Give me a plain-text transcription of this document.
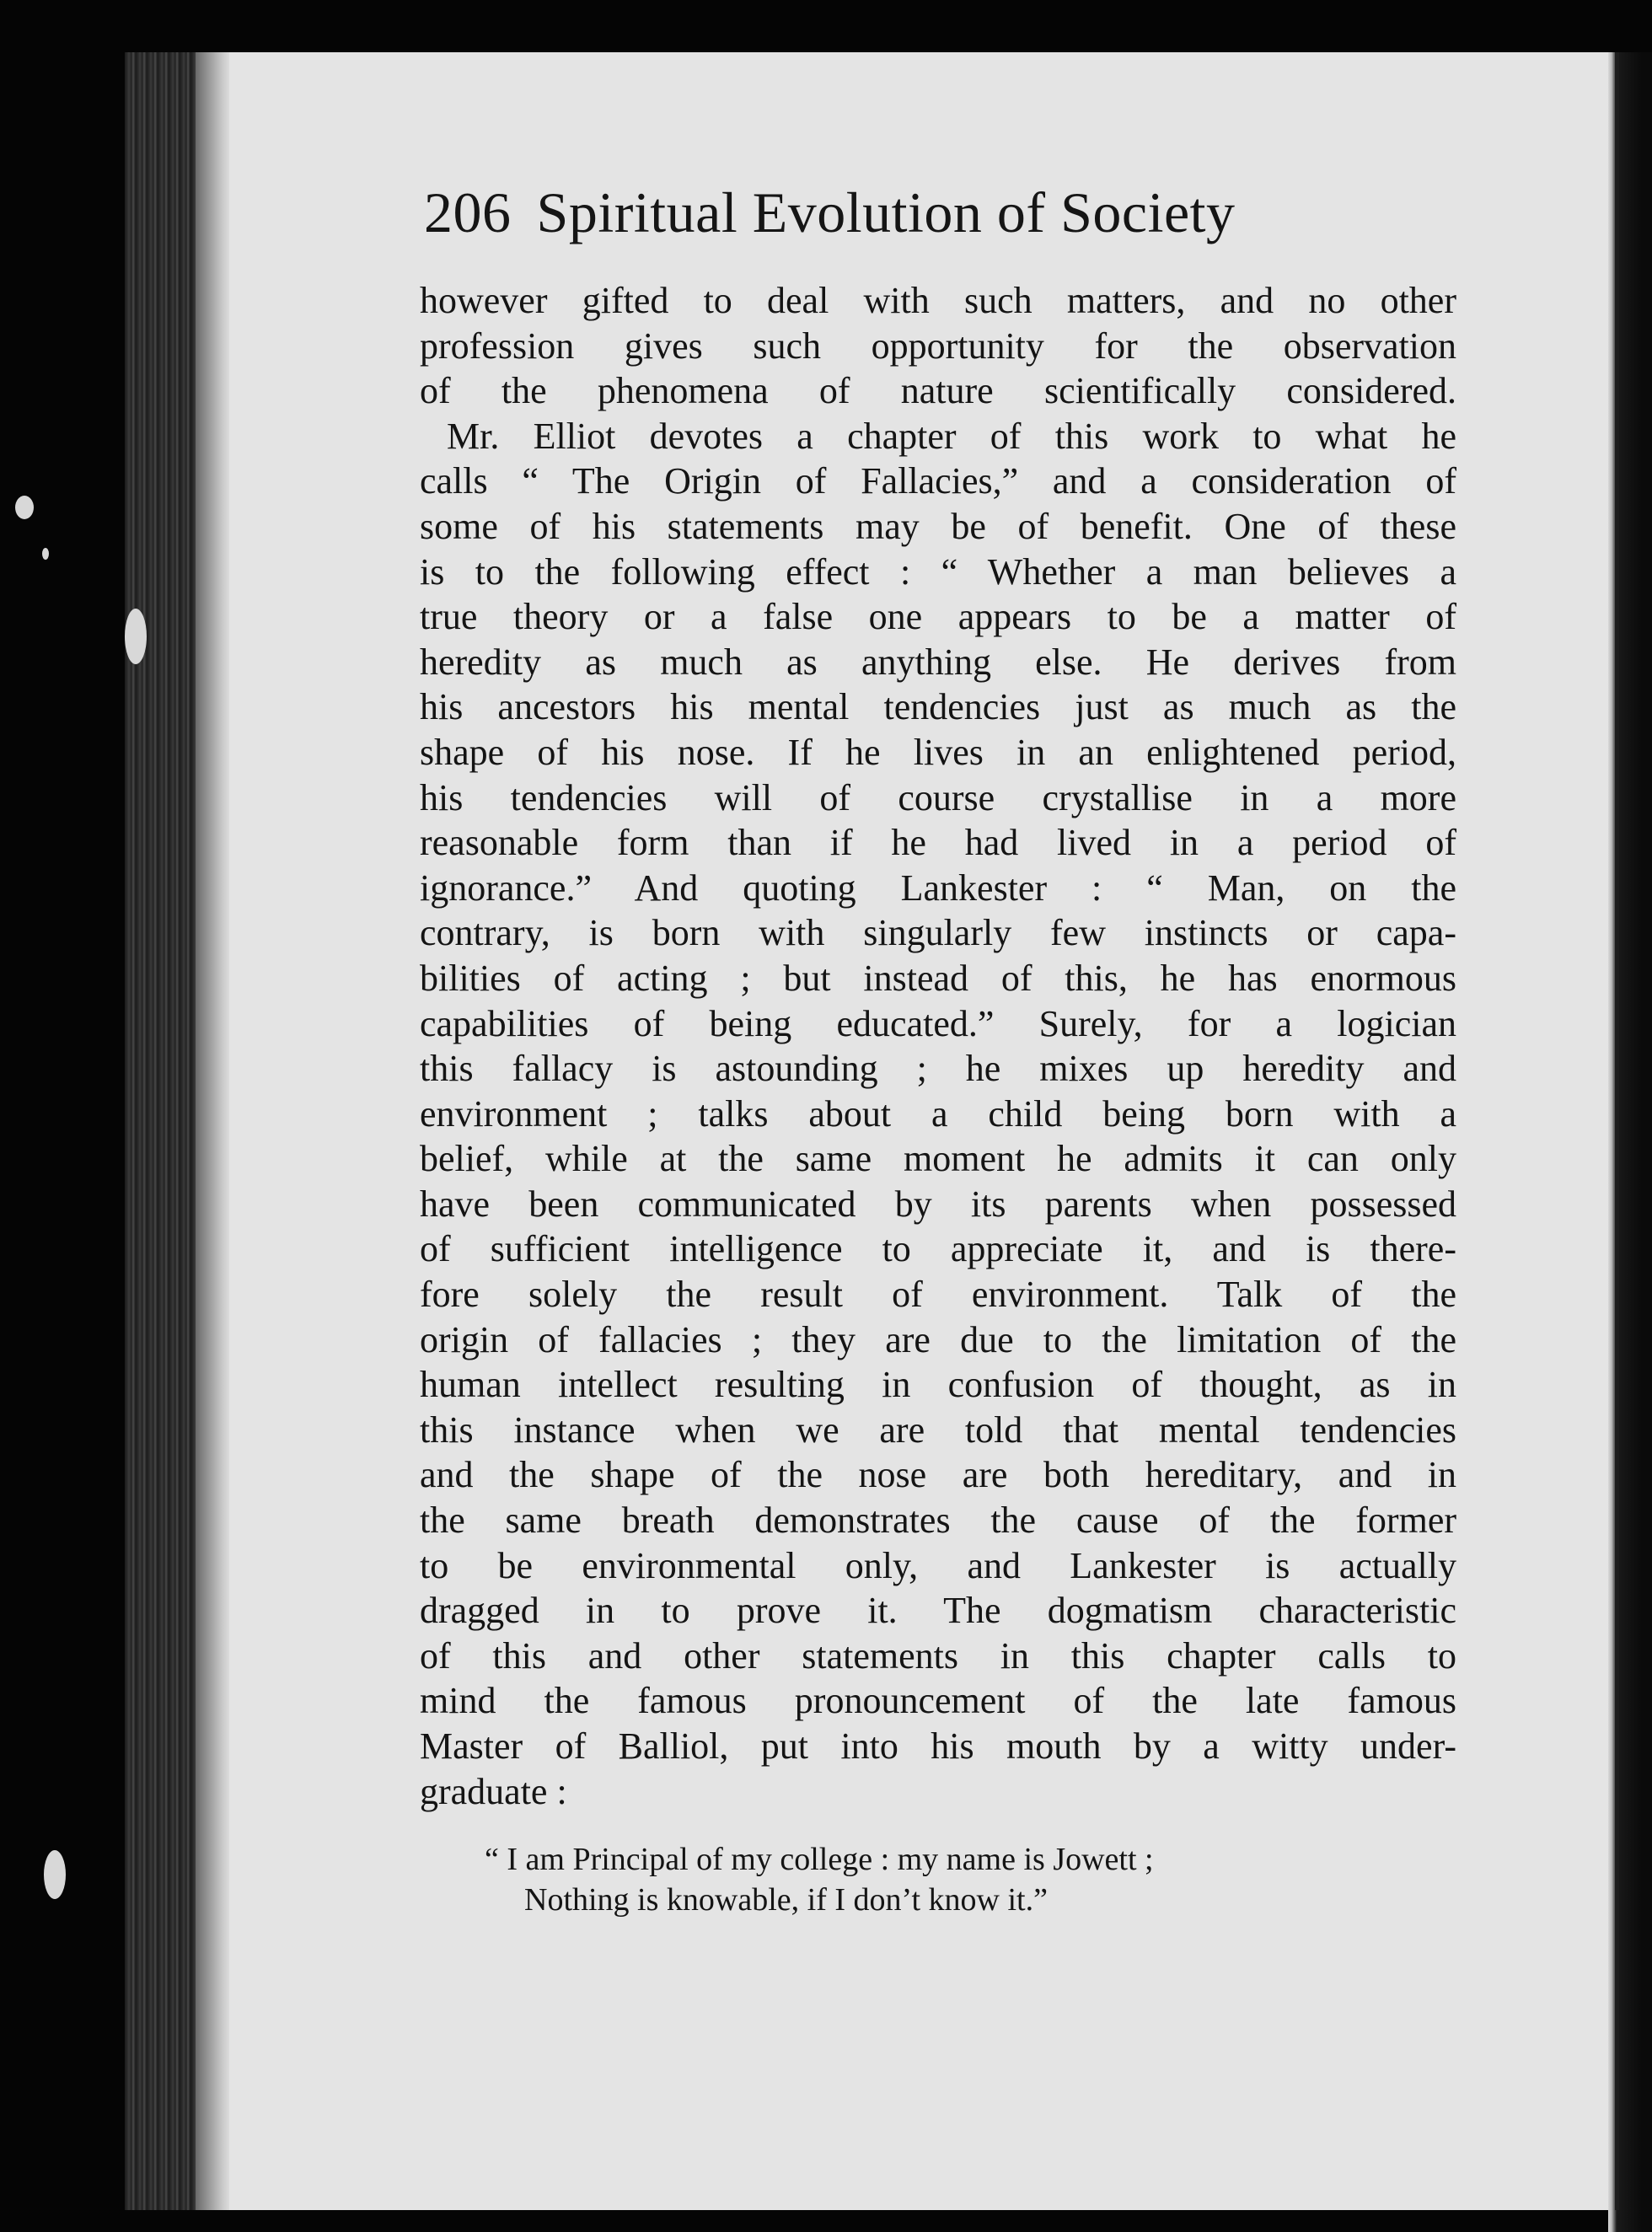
206 Spiritual Evolution of Society
however gifted to deal with such matters, and no other
profession gives such opportunity for the observation
of the phenomena of nature scientifically considered.
Mr. Elliot devotes a chapter of this work to what he
calls “ The Origin of Fallacies,” and a consideration of
some of his statements may be of benefit. One of these
is to the following effect : “ Whether a man believes a
true theory or a false one appears to be a matter of
heredity as much as anything else. He derives from
his ancestors his mental tendencies just as much as the
shape of his nose. If he lives in an enlightened period,
his tendencies will of course crystallise in a more
reasonable form than if he had lived in a period of
ignorance.” And quoting Lankester : “ Man, on the
contrary, is born with singularly few instincts or capa-
bilities of acting ; but instead of this, he has enormous
capabilities of being educated.” Surely, for a logician
this fallacy is astounding ; he mixes up heredity and
environment ; talks about a child being born with a
belief, while at the same moment he admits it can only
have been communicated by its parents when possessed
of sufficient intelligence to appreciate it, and is there-
fore solely the result of environment. Talk of the
origin of fallacies ; they are due to the limitation of the
human intellect resulting in confusion of thought, as in
this instance when we are told that mental tendencies
and the shape of the nose are both hereditary, and in
the same breath demonstrates the cause of the former
to be environmental only, and Lankester is actually
dragged in to prove it. The dogmatism characteristic
of this and other statements in this chapter calls to
mind the famous pronouncement of the late famous
Master of Balliol, put into his mouth by a witty under-
graduate :
“ I am Principal of my college : my name is Jowett ;
Nothing is knowable, if I don’t know it.”
